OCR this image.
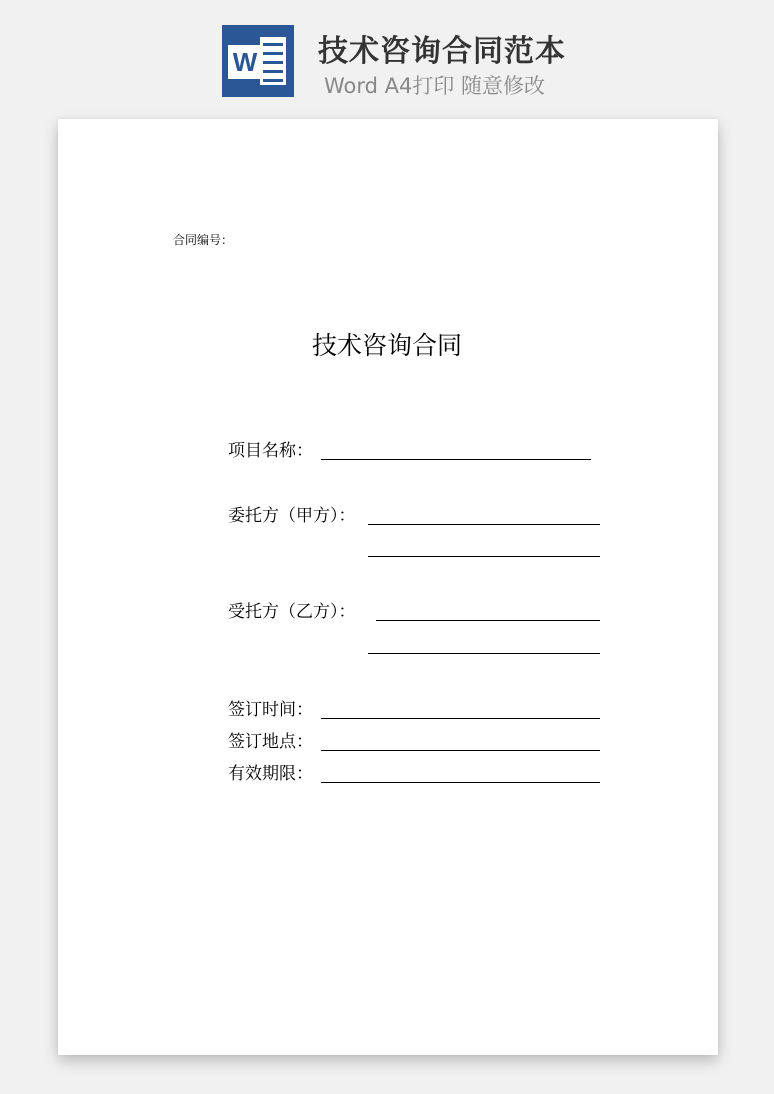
W 技术咨询合同范本
Word A4打印 随意修改

合同编号：
技术咨询合同
项目名称：
委托方（甲方）：
受托方（乙方）：
签订时间：
签订地点：
有效期限：
